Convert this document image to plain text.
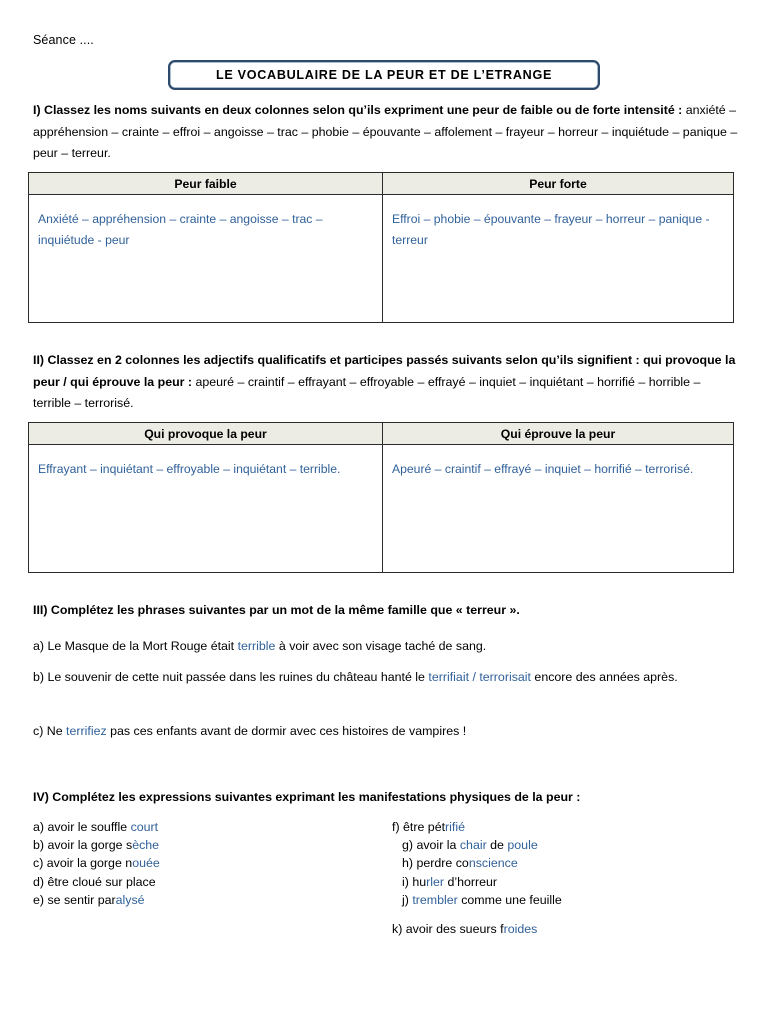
Séance ....
LE VOCABULAIRE DE LA PEUR ET DE L’ETRANGE
I) Classez les noms suivants en deux colonnes selon qu’ils expriment une peur de faible ou de forte intensité : anxiété – appréhension – crainte – effroi – angoisse – trac – phobie – épouvante – affolement – frayeur – horreur – inquiétude – panique – peur – terreur.
Peur faible	Peur forte
Anxiété – appréhension – crainte – angoisse – trac – inquiétude - peur	Effroi – phobie – épouvante – frayeur – horreur – panique - terreur
II) Classez en 2 colonnes les adjectifs qualificatifs et participes passés suivants selon qu’ils signifient : qui provoque la peur / qui éprouve la peur : apeuré – craintif – effrayant – effroyable – effrayé – inquiet – inquiétant – horrifié – horrible – terrible – terrorisé.
Qui provoque la peur	Qui éprouve la peur
Effrayant – inquiétant – effroyable – inquiétant – terrible.	Apeuré – craintif – effrayé – inquiet – horrifié – terrorisé.
III) Complétez les phrases suivantes par un mot de la même famille que « terreur ».
a) Le Masque de la Mort Rouge était terrible à voir avec son visage taché de sang.
b) Le souvenir de cette nuit passée dans les ruines du château hanté le terrifiait / terrorisait encore des années après.
c) Ne terrifiez pas ces enfants avant de dormir avec ces histoires de vampires !
IV) Complétez les expressions suivantes exprimant les manifestations physiques de la peur :
a) avoir le souffle court
b) avoir la gorge sèche
c) avoir la gorge nouée
d) être cloué sur place
e) se sentir paralysé
f) être pétrifié
g) avoir la chair de poule
h) perdre conscience
i) hurler d’horreur
j) trembler comme une feuille
k) avoir des sueurs froides
